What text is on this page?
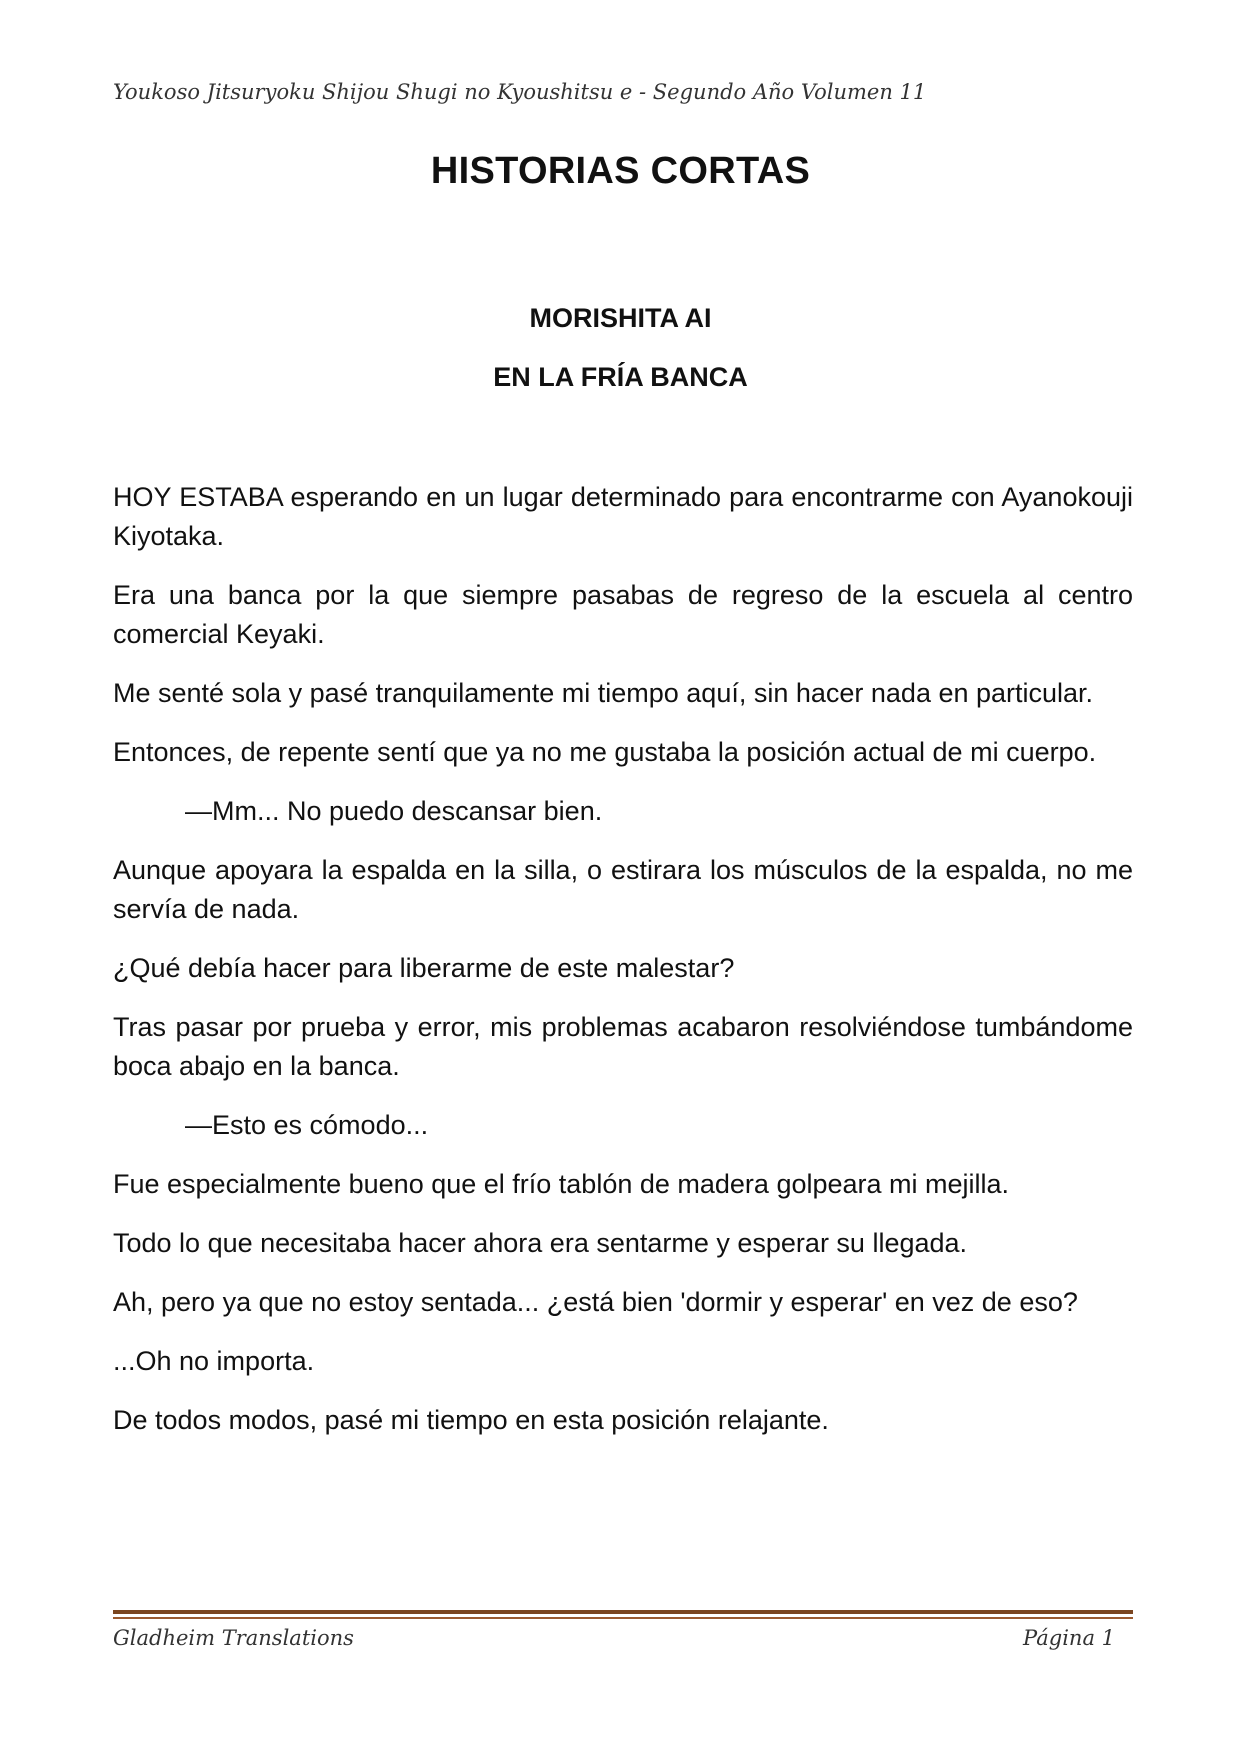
Youkoso Jitsuryoku Shijou Shugi no Kyoushitsu e - Segundo Año Volumen 11
HISTORIAS CORTAS
MORISHITA AI
EN LA FRÍA BANCA

HOY ESTABA esperando en un lugar determinado para encontrarme con Ayanokouji Kiyotaka.

Era una banca por la que siempre pasabas de regreso de la escuela al centro comercial Keyaki.

Me senté sola y pasé tranquilamente mi tiempo aquí, sin hacer nada en particular.

Entonces, de repente sentí que ya no me gustaba la posición actual de mi cuerpo.

—Mm... No puedo descansar bien.

Aunque apoyara la espalda en la silla, o estirara los músculos de la espalda, no me servía de nada.

¿Qué debía hacer para liberarme de este malestar?

Tras pasar por prueba y error, mis problemas acabaron resolviéndose tumbándome boca abajo en la banca.

—Esto es cómodo...

Fue especialmente bueno que el frío tablón de madera golpeara mi mejilla.

Todo lo que necesitaba hacer ahora era sentarme y esperar su llegada.

Ah, pero ya que no estoy sentada... ¿está bien 'dormir y esperar' en vez de eso?

...Oh no importa.

De todos modos, pasé mi tiempo en esta posición relajante.

Gladheim Translations	Página 1
